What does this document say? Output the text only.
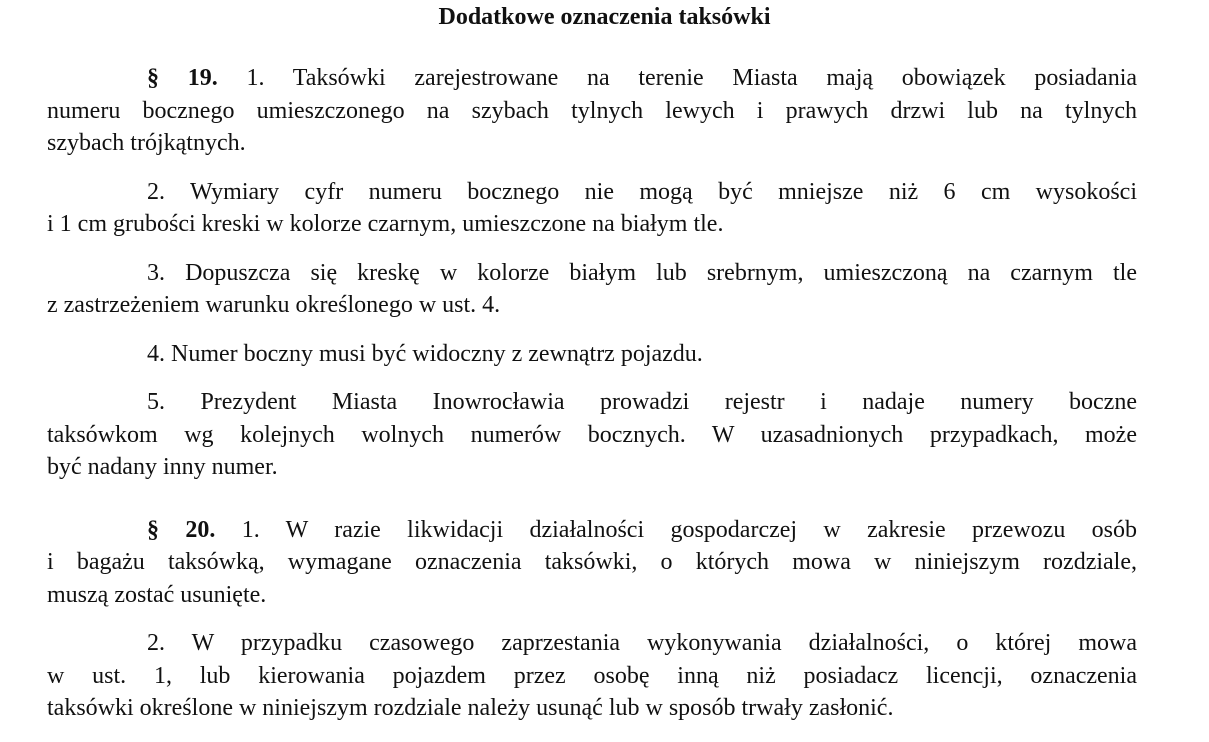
Dodatkowe oznaczenia taksówki
§ 19. 1. Taksówki zarejestrowane na terenie Miasta mają obowiązek posiadania
numeru bocznego umieszczonego na szybach tylnych lewych i prawych drzwi lub na tylnych
szybach trójkątnych.
2. Wymiary cyfr numeru bocznego nie mogą być mniejsze niż 6 cm wysokości
i 1 cm grubości kreski w kolorze czarnym, umieszczone na białym tle.
3. Dopuszcza się kreskę w kolorze białym lub srebrnym, umieszczoną na czarnym tle
z zastrzeżeniem warunku określonego w ust. 4.
4. Numer boczny musi być widoczny z zewnątrz pojazdu.
5. Prezydent Miasta Inowrocławia prowadzi rejestr i nadaje numery boczne
taksówkom wg kolejnych wolnych numerów bocznych. W uzasadnionych przypadkach, może
być nadany inny numer.
§ 20. 1. W razie likwidacji działalności gospodarczej w zakresie przewozu osób
i bagażu taksówką, wymagane oznaczenia taksówki, o których mowa w niniejszym rozdziale,
muszą zostać usunięte.
2. W przypadku czasowego zaprzestania wykonywania działalności, o której mowa
w ust. 1, lub kierowania pojazdem przez osobę inną niż posiadacz licencji, oznaczenia
taksówki określone w niniejszym rozdziale należy usunąć lub w sposób trwały zasłonić.
